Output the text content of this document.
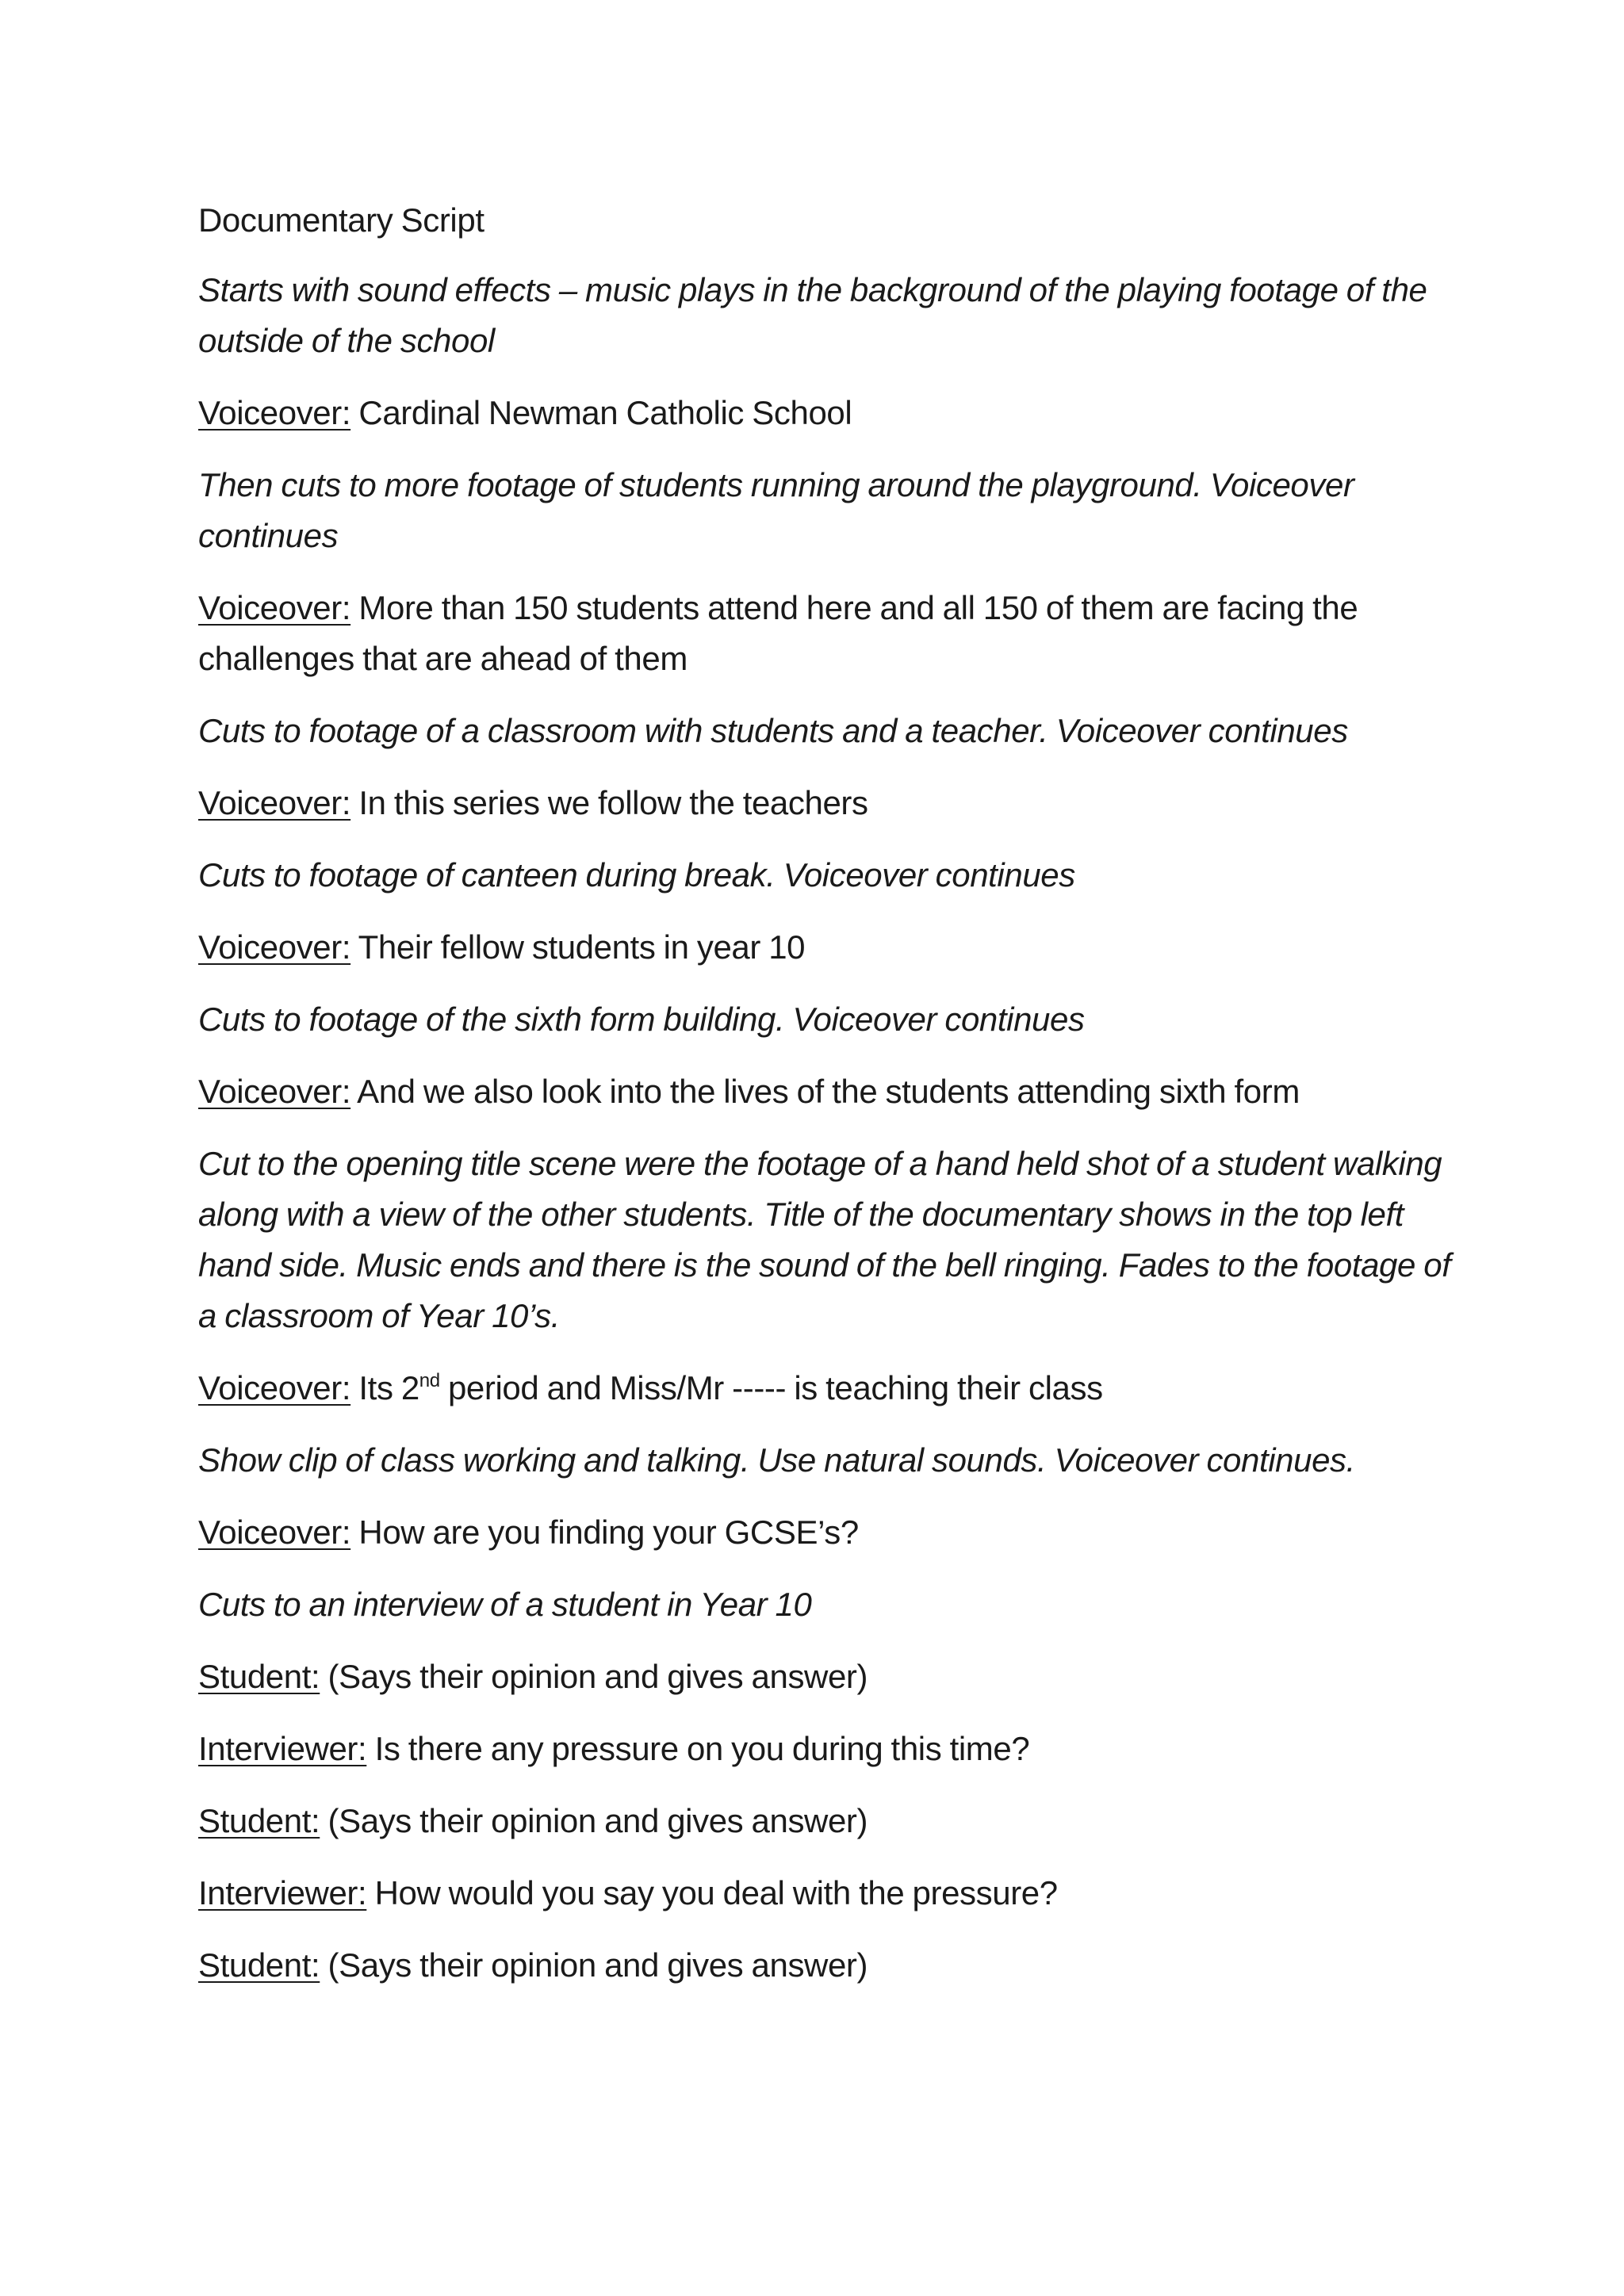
Documentary Script
Starts with sound effects – music plays in the background of the playing footage of the outside of the school
Voiceover: Cardinal Newman Catholic School
Then cuts to more footage of students running around the playground. Voiceover continues
Voiceover: More than 150 students attend here and all 150 of them are facing the challenges that are ahead of them
Cuts to footage of a classroom with students and a teacher. Voiceover continues
Voiceover: In this series we follow the teachers
Cuts to footage of canteen during break. Voiceover continues
Voiceover: Their fellow students in year 10
Cuts to footage of the sixth form building. Voiceover continues
Voiceover: And we also look into the lives of the students attending sixth form
Cut to the opening title scene were the footage of a hand held shot of a student walking along with a view of the other students. Title of the documentary shows in the top left hand side. Music ends and there is the sound of the bell ringing. Fades to the footage of a classroom of Year 10’s.
Voiceover: Its 2nd period and Miss/Mr ----- is teaching their class
Show clip of class working and talking. Use natural sounds. Voiceover continues.
Voiceover: How are you finding your GCSE’s?
Cuts to an interview of a student in Year 10
Student: (Says their opinion and gives answer)
Interviewer: Is there any pressure on you during this time?
Student: (Says their opinion and gives answer)
Interviewer: How would you say you deal with the pressure?
Student: (Says their opinion and gives answer)
